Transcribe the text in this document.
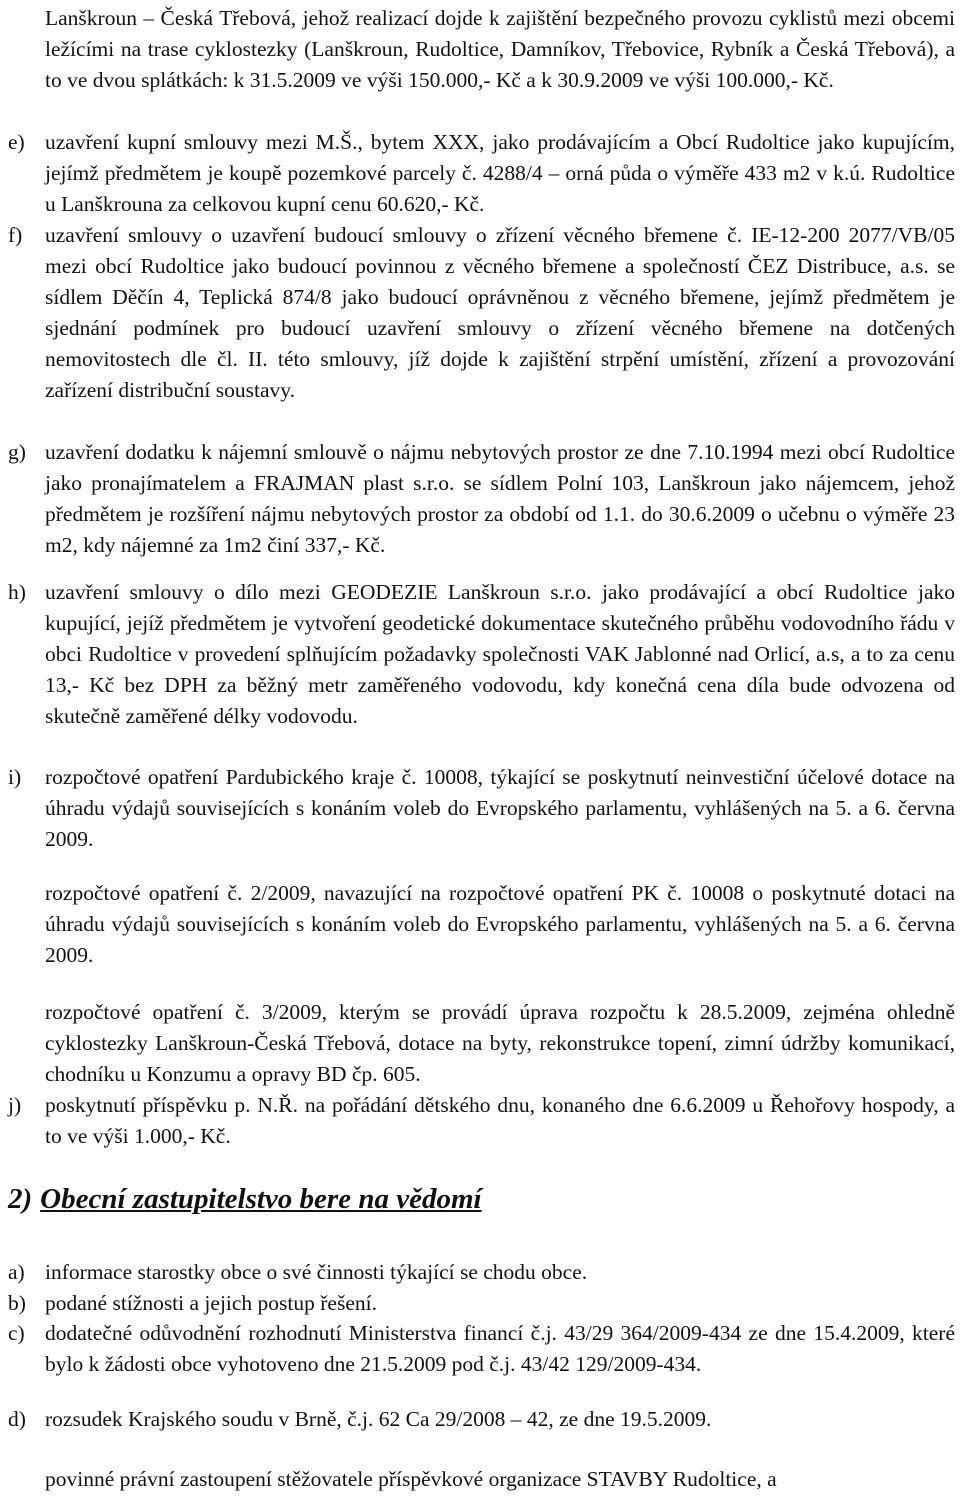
Lanškroun – Česká Třebová, jehož realizací dojde k zajištění bezpečného provozu cyklistů mezi obcemi ležícími na trase cyklostezky (Lanškroun, Rudoltice, Damníkov, Třebovice, Rybník a Česká Třebová), a to ve dvou splátkách: k 31.5.2009 ve výši 150.000,- Kč a k 30.9.2009 ve výši 100.000,- Kč.
e) uzavření kupní smlouvy mezi M.Š., bytem XXX, jako prodávajícím a Obcí Rudoltice jako kupujícím, jejímž předmětem je koupě pozemkové parcely č. 4288/4 – orná půda o výměře 433 m2 v k.ú. Rudoltice u Lanškrouna za celkovou kupní cenu 60.620,- Kč.
f) uzavření smlouvy o uzavření budoucí smlouvy o zřízení věcného břemene č. IE-12-200 2077/VB/05 mezi obcí Rudoltice jako budoucí povinnou z věcného břemene a společností ČEZ Distribuce, a.s. se sídlem Děčín 4, Teplická 874/8 jako budoucí oprávněnou z věcného břemene, jejímž předmětem je sjednání podmínek pro budoucí uzavření smlouvy o zřízení věcného břemene na dotčených nemovitostech dle čl. II. této smlouvy, jíž dojde k zajištění strpění umístění, zřízení a provozování zařízení distribuční soustavy.
g) uzavření dodatku k nájemní smlouvě o nájmu nebytových prostor ze dne 7.10.1994 mezi obcí Rudoltice jako pronajímatelem a FRAJMAN plast s.r.o. se sídlem Polní 103, Lanškroun jako nájemcem, jehož předmětem je rozšíření nájmu nebytových prostor za období od 1.1. do 30.6.2009 o učebnu o výměře 23 m2, kdy nájemné za 1m2 činí 337,- Kč.
h) uzavření smlouvy o dílo mezi GEODEZIE Lanškroun s.r.o. jako prodávající a obcí Rudoltice jako kupující, jejíž předmětem je vytvoření geodetické dokumentace skutečného průběhu vodovodního řádu v obci Rudoltice v provedení splňujícím požadavky společnosti VAK Jablonné nad Orlicí, a.s, a to za cenu 13,- Kč bez DPH za běžný metr zaměřeného vodovodu, kdy konečná cena díla bude odvozena od skutečně zaměřené délky vodovodu.
i) rozpočtové opatření Pardubického kraje č. 10008, týkající se poskytnutí neinvestiční účelové dotace na úhradu výdajů souvisejících s konáním voleb do Evropského parlamentu, vyhlášených na 5. a 6. června 2009.
rozpočtové opatření č. 2/2009, navazující na rozpočtové opatření PK č. 10008 o poskytnuté dotaci na úhradu výdajů souvisejících s konáním voleb do Evropského parlamentu, vyhlášených na 5. a 6. června 2009.
rozpočtové opatření č. 3/2009, kterým se provádí úprava rozpočtu k 28.5.2009, zejména ohledně cyklostezky Lanškroun-Česká Třebová, dotace na byty, rekonstrukce topení, zimní údržby komunikací, chodníku u Konzumu a opravy BD čp. 605.
j) poskytnutí příspěvku p. N.Ř. na pořádání dětského dnu, konaného dne 6.6.2009 u Řehořovy hospody, a to ve výši 1.000,- Kč.
2) Obecní zastupitelstvo bere na vědomí
a) informace starostky obce o své činnosti týkající se chodu obce.
b) podané stížnosti a jejich postup řešení.
c) dodatečné odůvodnění rozhodnutí Ministerstva financí č.j. 43/29 364/2009-434 ze dne 15.4.2009, které bylo k žádosti obce vyhotoveno dne 21.5.2009 pod č.j. 43/42 129/2009-434.
d) rozsudek Krajského soudu v Brně, č.j. 62 Ca 29/2008 – 42, ze dne 19.5.2009.
povinné právní zastoupení stěžovatele příspěvkové organizace STAVBY Rudoltice, a
